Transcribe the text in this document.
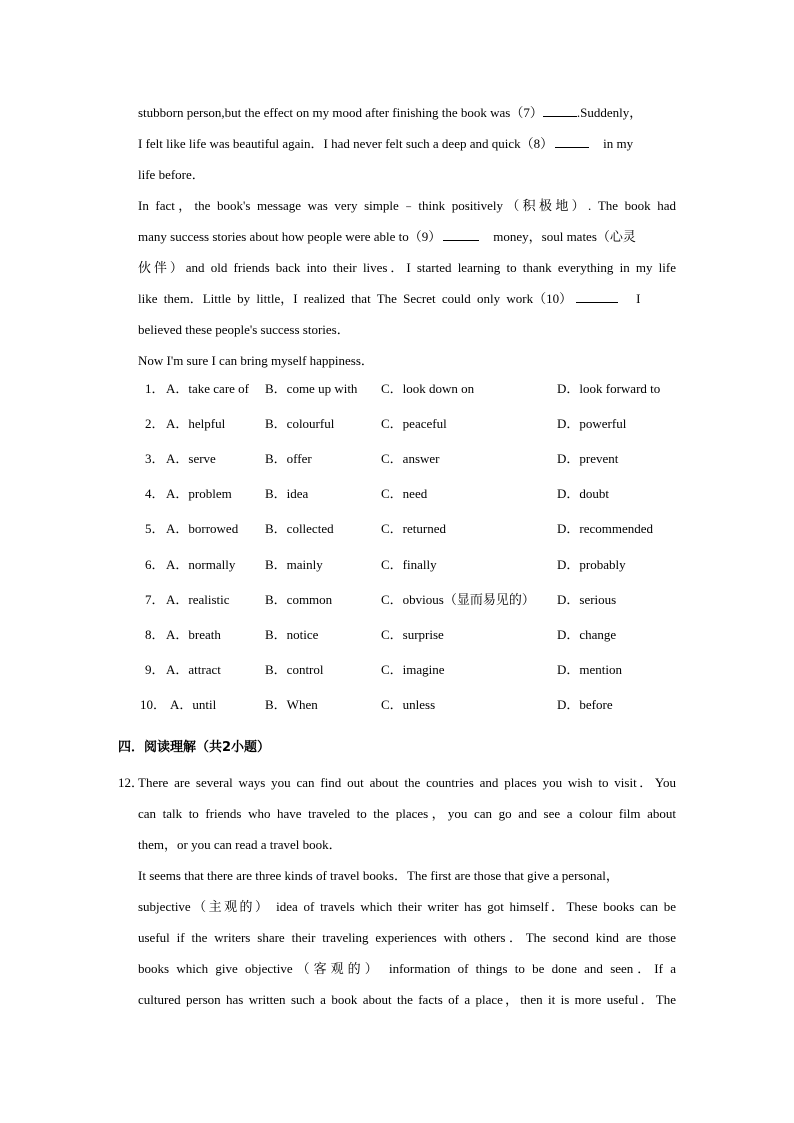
stubborn person,but the effect on my mood after finishing the book was（7）	.Suddenly，
I felt like life was beautiful again．I had never felt such a deep and quick（8）	in my
life before．
In fact，the book's message was very simple﹣think positively（积极地）. The book had
many success stories about how people were able to（9）	money，soul mates（心灵
伙伴）and old friends back into their lives．I started learning to thank everything in my life
like them．Little by little，I realized that The Secret could only work（10）	I
believed these people's success stories．
Now I'm sure I can bring myself happiness．
1． A．take care of B．come up with C．look down on	D．look forward to
2． A．helpful	B．colourful	C．peaceful	D．powerful
3． A．serve	B．offer	C．answer	D．prevent
4． A．problem	B．idea	C．need	D．doubt
5． A．borrowed B．collected	C．returned	D．recommended
6． A．normally B．mainly	C．finally	D．probably
7． A．realistic	B．common	C．obvious（显而易见的） D．serious
8． A．breath	B．notice	C．surprise	D．change
9． A．attract	B．control	C．imagine	D．mention
10． A．until	B．When	C．unless	D．before
四．阅读理解（共2小题）
12．
There are several ways you can find out about the countries and places you wish to visit．You
can talk to friends who have traveled to the places，you can go and see a colour film about
them，or you can read a travel book．
It seems that there are three kinds of travel books．The first are those that give a personal，
subjective（主观的） idea of travels which their writer has got himself．These books can be
useful if the writers share their traveling experiences with others．The second kind are those
books which give objective（客观的） information of things to be done and seen．If a
cultured person has written such a book about the facts of a place，then it is more useful．The
